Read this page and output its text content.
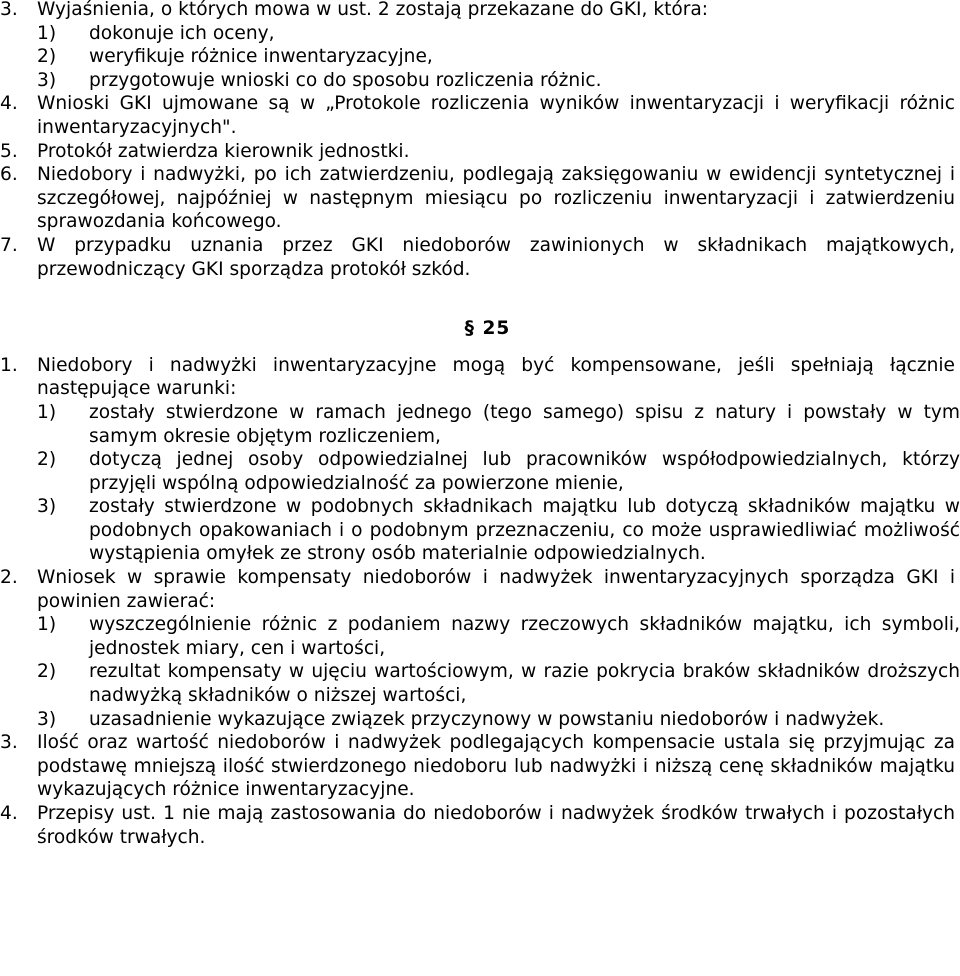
3. Wyjaśnienia, o których mowa w ust. 2 zostają przekazane do GKI, która:

1) dokonuje ich oceny,

2) weryfikuje różnice inwentaryzacyjne,

3) przygotowuje wnioski co do sposobu rozliczenia różnic.

4. Wnioski GKI ujmowane są w „Protokole rozliczenia wyników inwentaryzacji i weryfikacji różnic inwentaryzacyjnych".

5. Protokół zatwierdza kierownik jednostki.

6. Niedobory i nadwyżki, po ich zatwierdzeniu, podlegają zaksięgowaniu w ewidencji syntetycznej i szczegółowej, najpóźniej w następnym miesiącu po rozliczeniu inwentaryzacji i zatwierdzeniu sprawozdania końcowego.

7. W przypadku uznania przez GKI niedoborów zawinionych w składnikach majątkowych, przewodniczący GKI sporządza protokół szkód.

§ 25

1. Niedobory i nadwyżki inwentaryzacyjne mogą być kompensowane, jeśli spełniają łącznie następujące warunki:

1) zostały stwierdzone w ramach jednego (tego samego) spisu z natury i powstały w tym samym okresie objętym rozliczeniem,

2) dotyczą jednej osoby odpowiedzialnej lub pracowników współodpowiedzialnych, którzy przyjęli wspólną odpowiedzialność za powierzone mienie,

3) zostały stwierdzone w podobnych składnikach majątku lub dotyczą składników majątku w podobnych opakowaniach i o podobnym przeznaczeniu, co może usprawiedliwiać możliwość wystąpienia omyłek ze strony osób materialnie odpowiedzialnych.

2. Wniosek w sprawie kompensaty niedoborów i nadwyżek inwentaryzacyjnych sporządza GKI i powinien zawierać:

1) wyszczególnienie różnic z podaniem nazwy rzeczowych składników majątku, ich symboli, jednostek miary, cen i wartości,

2) rezultat kompensaty w ujęciu wartościowym, w razie pokrycia braków składników droższych nadwyżką składników o niższej wartości,

3) uzasadnienie wykazujące związek przyczynowy w powstaniu niedoborów i nadwyżek.

3. Ilość oraz wartość niedoborów i nadwyżek podlegających kompensacie ustala się przyjmując za podstawę mniejszą ilość stwierdzonego niedoboru lub nadwyżki i niższą cenę składników majątku wykazujących różnice inwentaryzacyjne.

4. Przepisy ust. 1 nie mają zastosowania do niedoborów i nadwyżek środków trwałych i pozostałych środków trwałych.
